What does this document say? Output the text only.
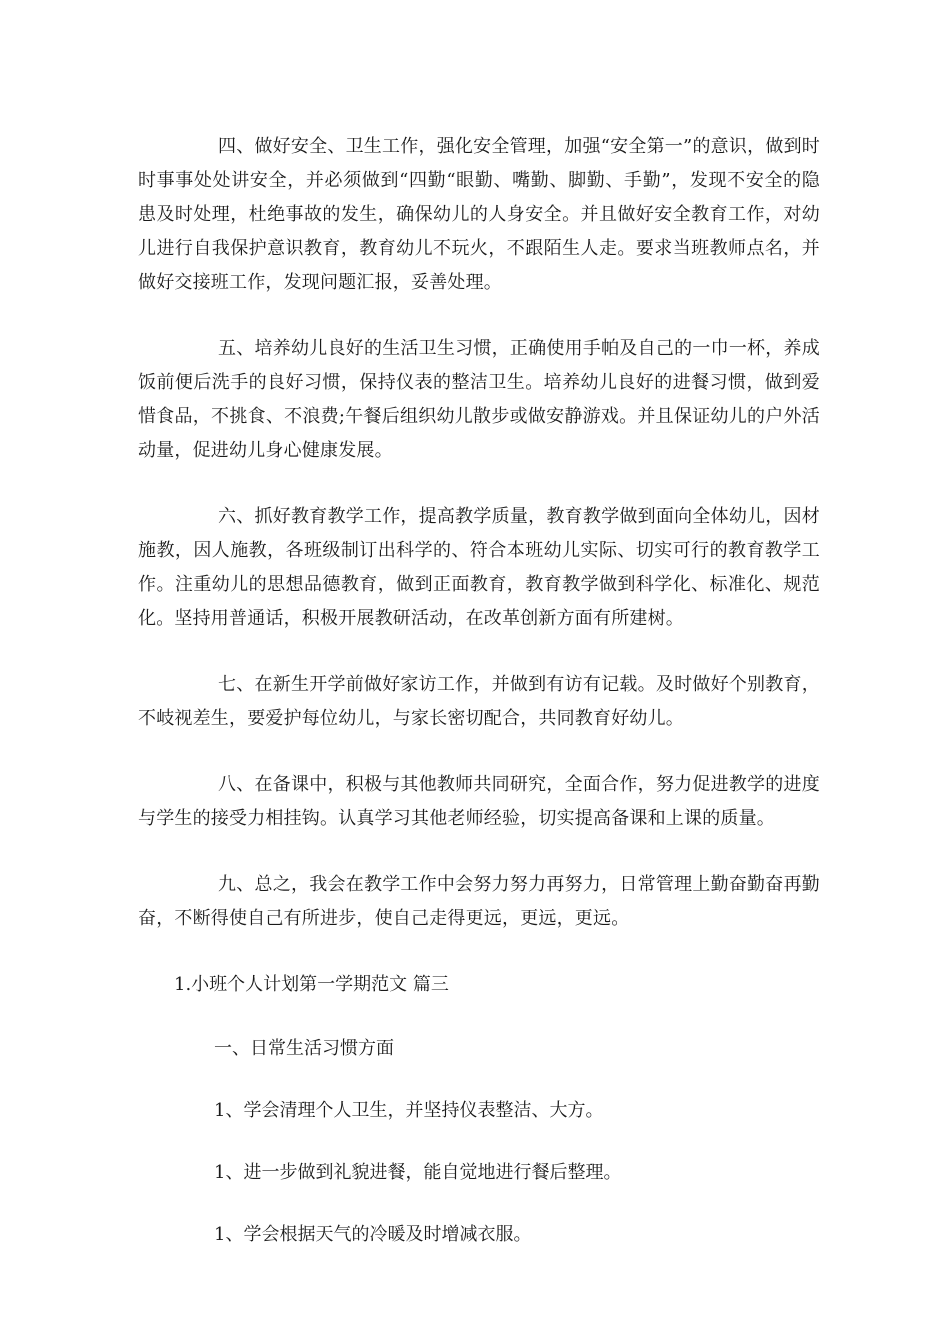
四、做好安全、卫生工作，强化安全管理，加强“安全第一”的意识，做到时时事事处处讲安全，并必须做到“四勤“眼勤、嘴勤、脚勤、手勤”，发现不安全的隐患及时处理，杜绝事故的发生，确保幼儿的人身安全。并且做好安全教育工作，对幼儿进行自我保护意识教育，教育幼儿不玩火，不跟陌生人走。要求当班教师点名，并做好交接班工作，发现问题汇报，妥善处理。

五、培养幼儿良好的生活卫生习惯，正确使用手帕及自己的一巾一杯，养成饭前便后洗手的良好习惯，保持仪表的整洁卫生。培养幼儿良好的进餐习惯，做到爱惜食品，不挑食、不浪费;午餐后组织幼儿散步或做安静游戏。并且保证幼儿的户外活动量，促进幼儿身心健康发展。

六、抓好教育教学工作，提高教学质量，教育教学做到面向全体幼儿，因材施教，因人施教，各班级制订出科学的、符合本班幼儿实际、切实可行的教育教学工作。注重幼儿的思想品德教育，做到正面教育，教育教学做到科学化、标准化、规范化。坚持用普通话，积极开展教研活动，在改革创新方面有所建树。

七、在新生开学前做好家访工作，并做到有访有记载。及时做好个别教育，不岐视差生，要爱护每位幼儿，与家长密切配合，共同教育好幼儿。

八、在备课中，积极与其他教师共同研究，全面合作，努力促进教学的进度与学生的接受力相挂钩。认真学习其他老师经验，切实提高备课和上课的质量。

九、总之，我会在教学工作中会努力努力再努力，日常管理上勤奋勤奋再勤奋，不断得使自己有所进步，使自己走得更远，更远，更远。

1.小班个人计划第一学期范文 篇三

一、日常生活习惯方面

1、学会清理个人卫生，并坚持仪表整洁、大方。

1、进一步做到礼貌进餐，能自觉地进行餐后整理。

1、学会根据天气的冷暖及时增减衣服。
